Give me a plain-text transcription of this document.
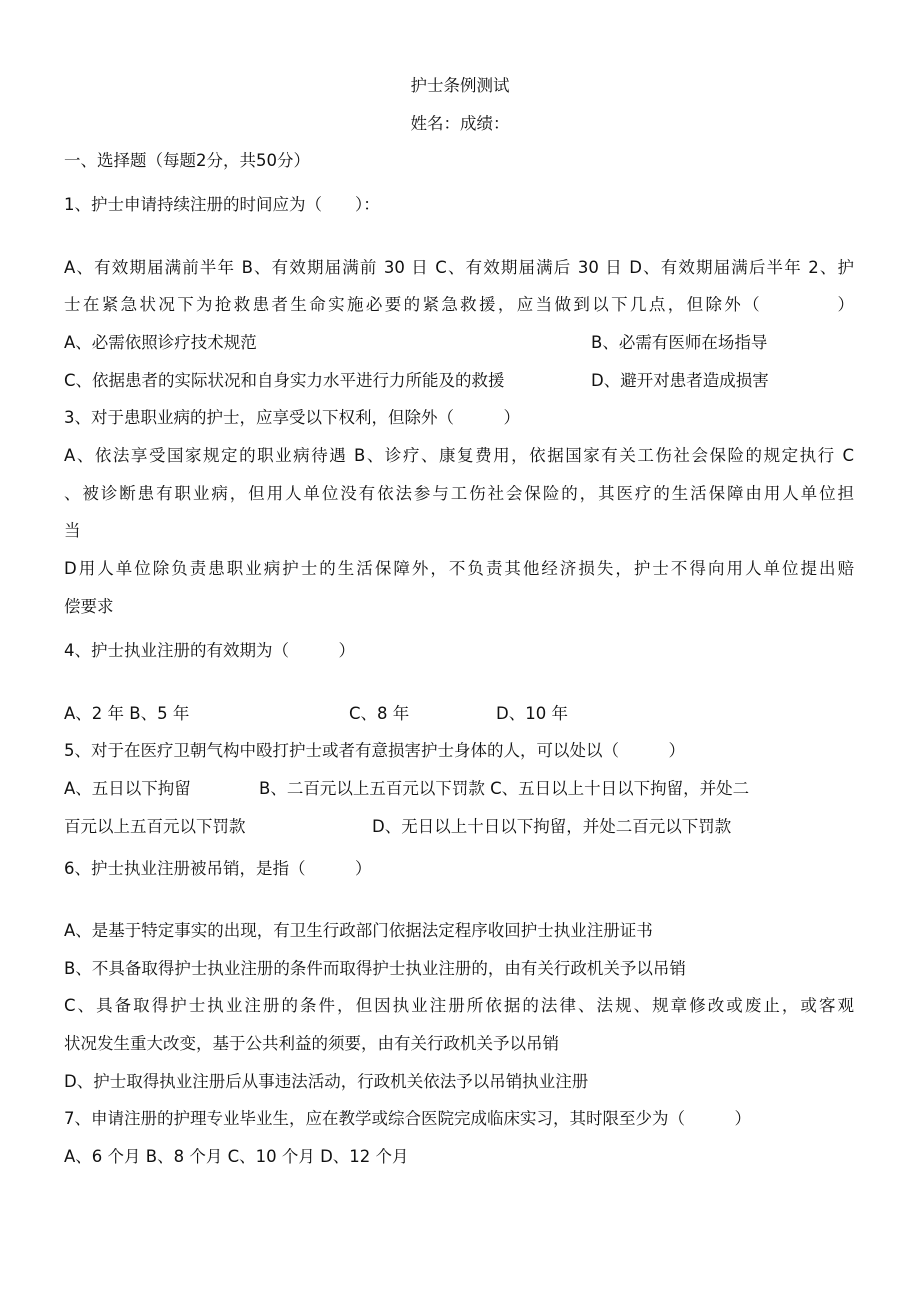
护士条例测试

姓名：成绩：

一、选择题（每题2分，共50分）

1、护士申请持续注册的时间应为（　　）：

A、有效期届满前半年 B、有效期届满前 30 日 C、有效期届满后 30 日 D、有效期届满后半年 2、护

士在紧急状况下为抢救患者生命实施必要的紧急救援，应当做到以下几点，但除外（　　　　）

A、必需依照诊疗技术规范	B、必需有医师在场指导

C、依据患者的实际状况和自身实力水平进行力所能及的救援	D、避开对患者造成损害

3、对于患职业病的护士，应享受以下权利，但除外（　　　）

A、依法享受国家规定的职业病待遇 B、诊疗、康复费用，依据国家有关工伤社会保险的规定执行 C

、被诊断患有职业病，但用人单位没有依法参与工伤社会保险的，其医疗的生活保障由用人单位担

当

D用人单位除负责患职业病护士的生活保障外，不负责其他经济损失，护士不得向用人单位提出赔

偿要求

4、护士执业注册的有效期为（　　　）

A、2 年 B、5 年	C、8 年	D、10 年

5、对于在医疗卫朝气构中殴打护士或者有意损害护士身体的人，可以处以（　　　）

A、五日以下拘留	B、二百元以上五百元以下罚款 C、五日以上十日以下拘留，并处二

百元以上五百元以下罚款	D、无日以上十日以下拘留，并处二百元以下罚款

6、护士执业注册被吊销，是指（　　　）

A、是基于特定事实的出现，有卫生行政部门依据法定程序收回护士执业注册证书

B、不具备取得护士执业注册的条件而取得护士执业注册的，由有关行政机关予以吊销

C、具备取得护士执业注册的条件，但因执业注册所依据的法律、法规、规章修改或废止，或客观

状况发生重大改变，基于公共利益的须要，由有关行政机关予以吊销

D、护士取得执业注册后从事违法活动，行政机关依法予以吊销执业注册

7、申请注册的护理专业毕业生，应在教学或综合医院完成临床实习，其时限至少为（　　　）

A、6 个月 B、8 个月 C、10 个月 D、12 个月
